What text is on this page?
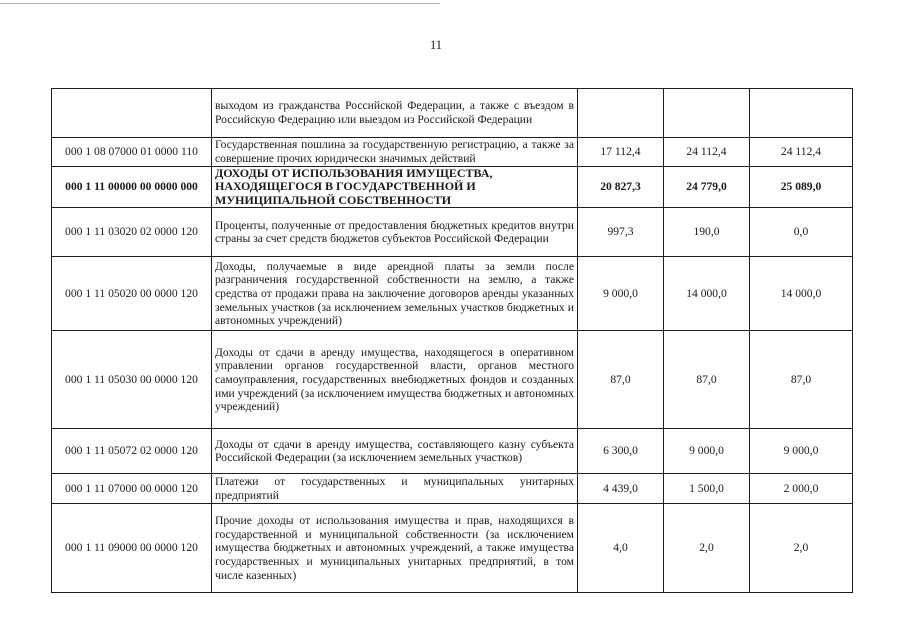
11
	выходом из гражданства Российской Федерации, а также с въездом в Российскую Федерацию или выездом из Российской Федерации			
000 1 08 07000 01 0000 110	Государственная пошлина за государственную регистрацию, а также за совершение прочих юридически значимых действий	17 112,4	24 112,4	24 112,4
000 1 11 00000 00 0000 000	ДОХОДЫ ОТ ИСПОЛЬЗОВАНИЯ ИМУЩЕСТВА, НАХОДЯЩЕГОСЯ В ГОСУДАРСТВЕННОЙ И МУНИЦИПАЛЬНОЙ СОБСТВЕННОСТИ	20 827,3	24 779,0	25 089,0
000 1 11 03020 02 0000 120	Проценты, полученные от предоставления бюджетных кредитов внутри страны за счет средств бюджетов субъектов Российской Федерации	997,3	190,0	0,0
000 1 11 05020 00 0000 120	Доходы, получаемые в виде арендной платы за земли после разграничения государственной собственности на землю, а также средства от продажи права на заключение договоров аренды указанных земельных участков (за исключением земельных участков бюджетных и автономных учреждений)	9 000,0	14 000,0	14 000,0
000 1 11 05030 00 0000 120	Доходы от сдачи в аренду имущества, находящегося в оперативном управлении органов государственной власти, органов местного самоуправления, государственных внебюджетных фондов и созданных ими учреждений (за исключением имущества бюджетных и автономных учреждений)	87,0	87,0	87,0
000 1 11 05072 02 0000 120	Доходы от сдачи в аренду имущества, составляющего казну субъекта Российской Федерации (за исключением земельных участков)	6 300,0	9 000,0	9 000,0
000 1 11 07000 00 0000 120	Платежи от государственных и муниципальных унитарных предприятий	4 439,0	1 500,0	2 000,0
000 1 11 09000 00 0000 120	Прочие доходы от использования имущества и прав, находящихся в государственной и муниципальной собственности (за исключением имущества бюджетных и автономных учреждений, а также имущества государственных и муниципальных унитарных предприятий, в том числе казенных)	4,0	2,0	2,0
